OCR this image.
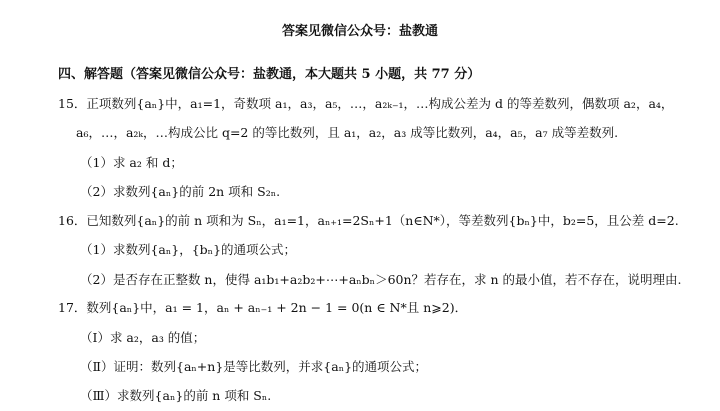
答案见微信公众号：盐教通
四、解答题（答案见微信公众号：盐教通，本大题共 5 小题，共 77 分）
15．正项数列{aₙ}中，a₁=1，奇数项 a₁，a₃，a₅，…，a₂ₖ₋₁，…构成公差为 d 的等差数列，偶数项 a₂，a₄，
a₆，…，a₂ₖ，…构成公比 q=2 的等比数列，且 a₁，a₂，a₃ 成等比数列，a₄，a₅，a₇ 成等差数列.
（1）求 a₂ 和 d；
（2）求数列{aₙ}的前 2n 项和 S₂ₙ.
16．已知数列{aₙ}的前 n 项和为 Sₙ，a₁=1，aₙ₊₁=2Sₙ+1（n∈N*），等差数列{bₙ}中，b₂=5，且公差 d=2.
（1）求数列{aₙ}，{bₙ}的通项公式；
（2）是否存在正整数 n，使得 a₁b₁+a₂b₂+⋯+aₙbₙ＞60n？若存在，求 n 的最小值，若不存在，说明理由.
17．数列{aₙ}中，a₁ = 1，aₙ + aₙ₋₁ + 2n − 1 = 0(n ∈ N*且 n⩾2)．
（Ⅰ）求 a₂，a₃ 的值；
（Ⅱ）证明：数列{aₙ+n}是等比数列，并求{aₙ}的通项公式；
（Ⅲ）求数列{aₙ}的前 n 项和 Sₙ.
